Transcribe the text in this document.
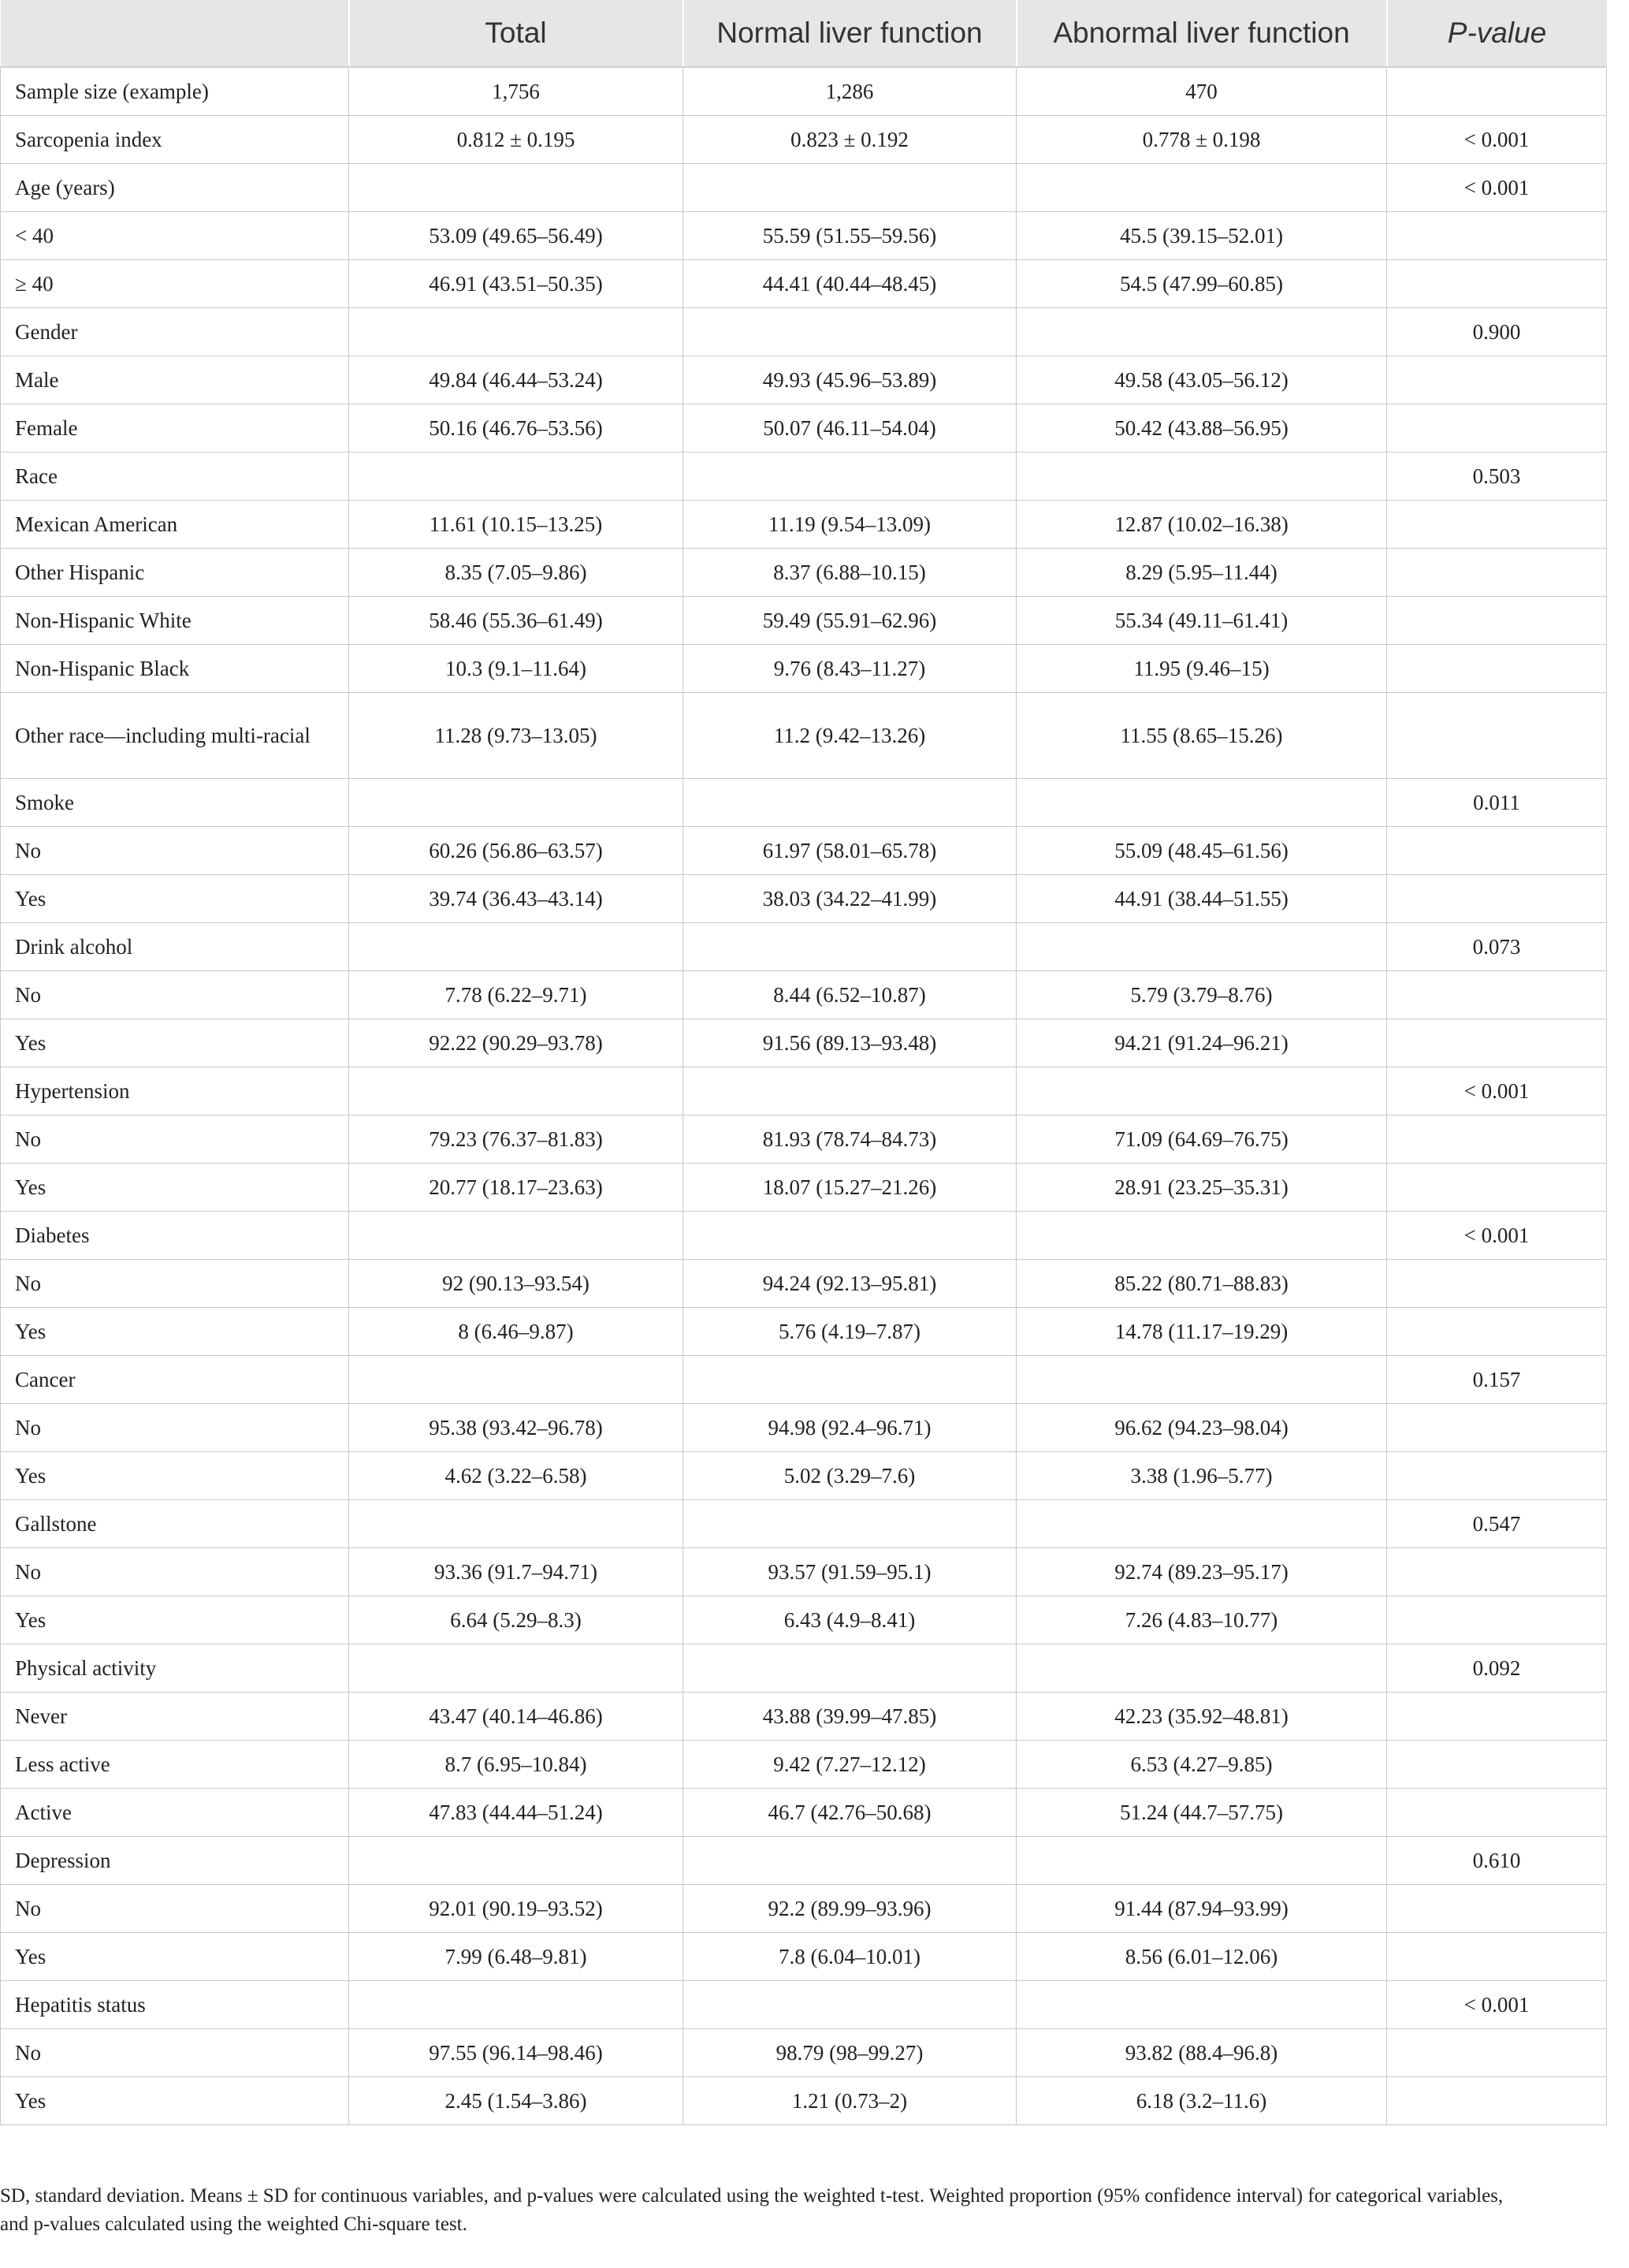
	Total	Normal liver function	Abnormal liver function	P-value
Sample size (example)	1,756	1,286	470	
Sarcopenia index	0.812 ± 0.195	0.823 ± 0.192	0.778 ± 0.198	< 0.001
Age (years)				< 0.001
< 40	53.09 (49.65–56.49)	55.59 (51.55–59.56)	45.5 (39.15–52.01)	
≥ 40	46.91 (43.51–50.35)	44.41 (40.44–48.45)	54.5 (47.99–60.85)	
Gender				0.900
Male	49.84 (46.44–53.24)	49.93 (45.96–53.89)	49.58 (43.05–56.12)	
Female	50.16 (46.76–53.56)	50.07 (46.11–54.04)	50.42 (43.88–56.95)	
Race				0.503
Mexican American	11.61 (10.15–13.25)	11.19 (9.54–13.09)	12.87 (10.02–16.38)	
Other Hispanic	8.35 (7.05–9.86)	8.37 (6.88–10.15)	8.29 (5.95–11.44)	
Non-Hispanic White	58.46 (55.36–61.49)	59.49 (55.91–62.96)	55.34 (49.11–61.41)	
Non-Hispanic Black	10.3 (9.1–11.64)	9.76 (8.43–11.27)	11.95 (9.46–15)	
Other race—including multi-racial	11.28 (9.73–13.05)	11.2 (9.42–13.26)	11.55 (8.65–15.26)	
Smoke				0.011
No	60.26 (56.86–63.57)	61.97 (58.01–65.78)	55.09 (48.45–61.56)	
Yes	39.74 (36.43–43.14)	38.03 (34.22–41.99)	44.91 (38.44–51.55)	
Drink alcohol				0.073
No	7.78 (6.22–9.71)	8.44 (6.52–10.87)	5.79 (3.79–8.76)	
Yes	92.22 (90.29–93.78)	91.56 (89.13–93.48)	94.21 (91.24–96.21)	
Hypertension				< 0.001
No	79.23 (76.37–81.83)	81.93 (78.74–84.73)	71.09 (64.69–76.75)	
Yes	20.77 (18.17–23.63)	18.07 (15.27–21.26)	28.91 (23.25–35.31)	
Diabetes				< 0.001
No	92 (90.13–93.54)	94.24 (92.13–95.81)	85.22 (80.71–88.83)	
Yes	8 (6.46–9.87)	5.76 (4.19–7.87)	14.78 (11.17–19.29)	
Cancer				0.157
No	95.38 (93.42–96.78)	94.98 (92.4–96.71)	96.62 (94.23–98.04)	
Yes	4.62 (3.22–6.58)	5.02 (3.29–7.6)	3.38 (1.96–5.77)	
Gallstone				0.547
No	93.36 (91.7–94.71)	93.57 (91.59–95.1)	92.74 (89.23–95.17)	
Yes	6.64 (5.29–8.3)	6.43 (4.9–8.41)	7.26 (4.83–10.77)	
Physical activity				0.092
Never	43.47 (40.14–46.86)	43.88 (39.99–47.85)	42.23 (35.92–48.81)	
Less active	8.7 (6.95–10.84)	9.42 (7.27–12.12)	6.53 (4.27–9.85)	
Active	47.83 (44.44–51.24)	46.7 (42.76–50.68)	51.24 (44.7–57.75)	
Depression				0.610
No	92.01 (90.19–93.52)	92.2 (89.99–93.96)	91.44 (87.94–93.99)	
Yes	7.99 (6.48–9.81)	7.8 (6.04–10.01)	8.56 (6.01–12.06)	
Hepatitis status				< 0.001
No	97.55 (96.14–98.46)	98.79 (98–99.27)	93.82 (88.4–96.8)	
Yes	2.45 (1.54–3.86)	1.21 (0.73–2)	6.18 (3.2–11.6)	

SD, standard deviation. Means ± SD for continuous variables, and p-values were calculated using the weighted t-test. Weighted proportion (95% confidence interval) for categorical variables,

and p-values calculated using the weighted Chi-square test.
